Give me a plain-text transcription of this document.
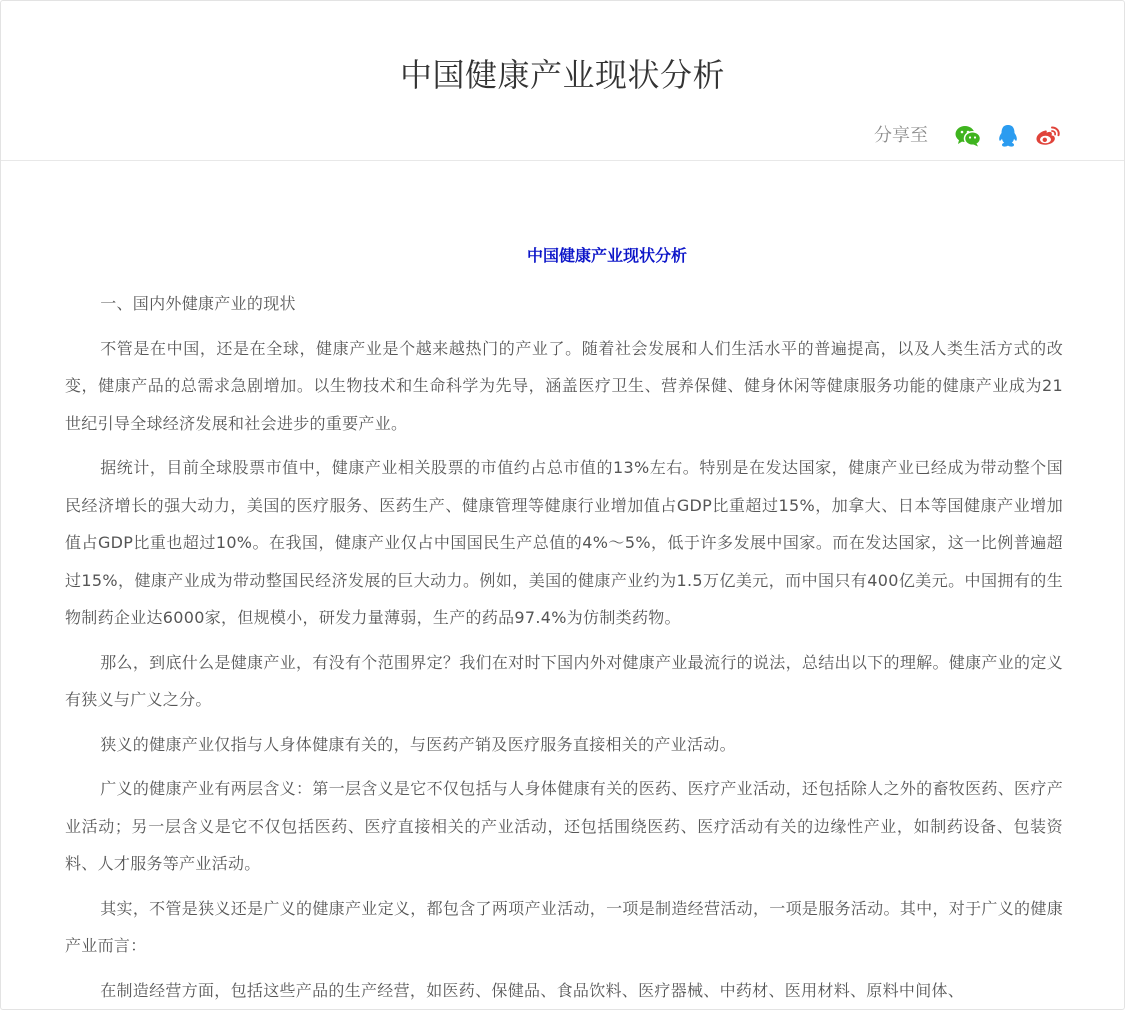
中国健康产业现状分析
分享至
中国健康产业现状分析

一、国内外健康产业的现状

不管是在中国，还是在全球，健康产业是个越来越热门的产业了。随着社会发展和人们生活水平的普遍提高，以及人类生活方式的改变，健康产品的总需求急剧增加。以生物技术和生命科学为先导，涵盖医疗卫生、营养保健、健身休闲等健康服务功能的健康产业成为21世纪引导全球经济发展和社会进步的重要产业。

据统计，目前全球股票市值中，健康产业相关股票的市值约占总市值的13%左右。特别是在发达国家，健康产业已经成为带动整个国民经济增长的强大动力，美国的医疗服务、医药生产、健康管理等健康行业增加值占GDP比重超过15%，加拿大、日本等国健康产业增加值占GDP比重也超过10%。在我国，健康产业仅占中国国民生产总值的4%～5%，低于许多发展中国家。而在发达国家，这一比例普遍超过15%，健康产业成为带动整国民经济发展的巨大动力。例如，美国的健康产业约为1.5万亿美元，而中国只有400亿美元。中国拥有的生物制药企业达6000家，但规模小，研发力量薄弱，生产的药品97.4%为仿制类药物。

那么，到底什么是健康产业，有没有个范围界定？我们在对时下国内外对健康产业最流行的说法，总结出以下的理解。健康产业的定义有狭义与广义之分。

狭义的健康产业仅指与人身体健康有关的，与医药产销及医疗服务直接相关的产业活动。

广义的健康产业有两层含义：第一层含义是它不仅包括与人身体健康有关的医药、医疗产业活动，还包括除人之外的畜牧医药、医疗产业活动；另一层含义是它不仅包括医药、医疗直接相关的产业活动，还包括围绕医药、医疗活动有关的边缘性产业，如制药设备、包装资料、人才服务等产业活动。

其实，不管是狭义还是广义的健康产业定义，都包含了两项产业活动，一项是制造经营活动，一项是服务活动。其中，对于广义的健康产业而言：

在制造经营方面，包括这些产品的生产经营，如医药、保健品、食品饮料、医疗器械、中药材、医用材料、原料中间体、
